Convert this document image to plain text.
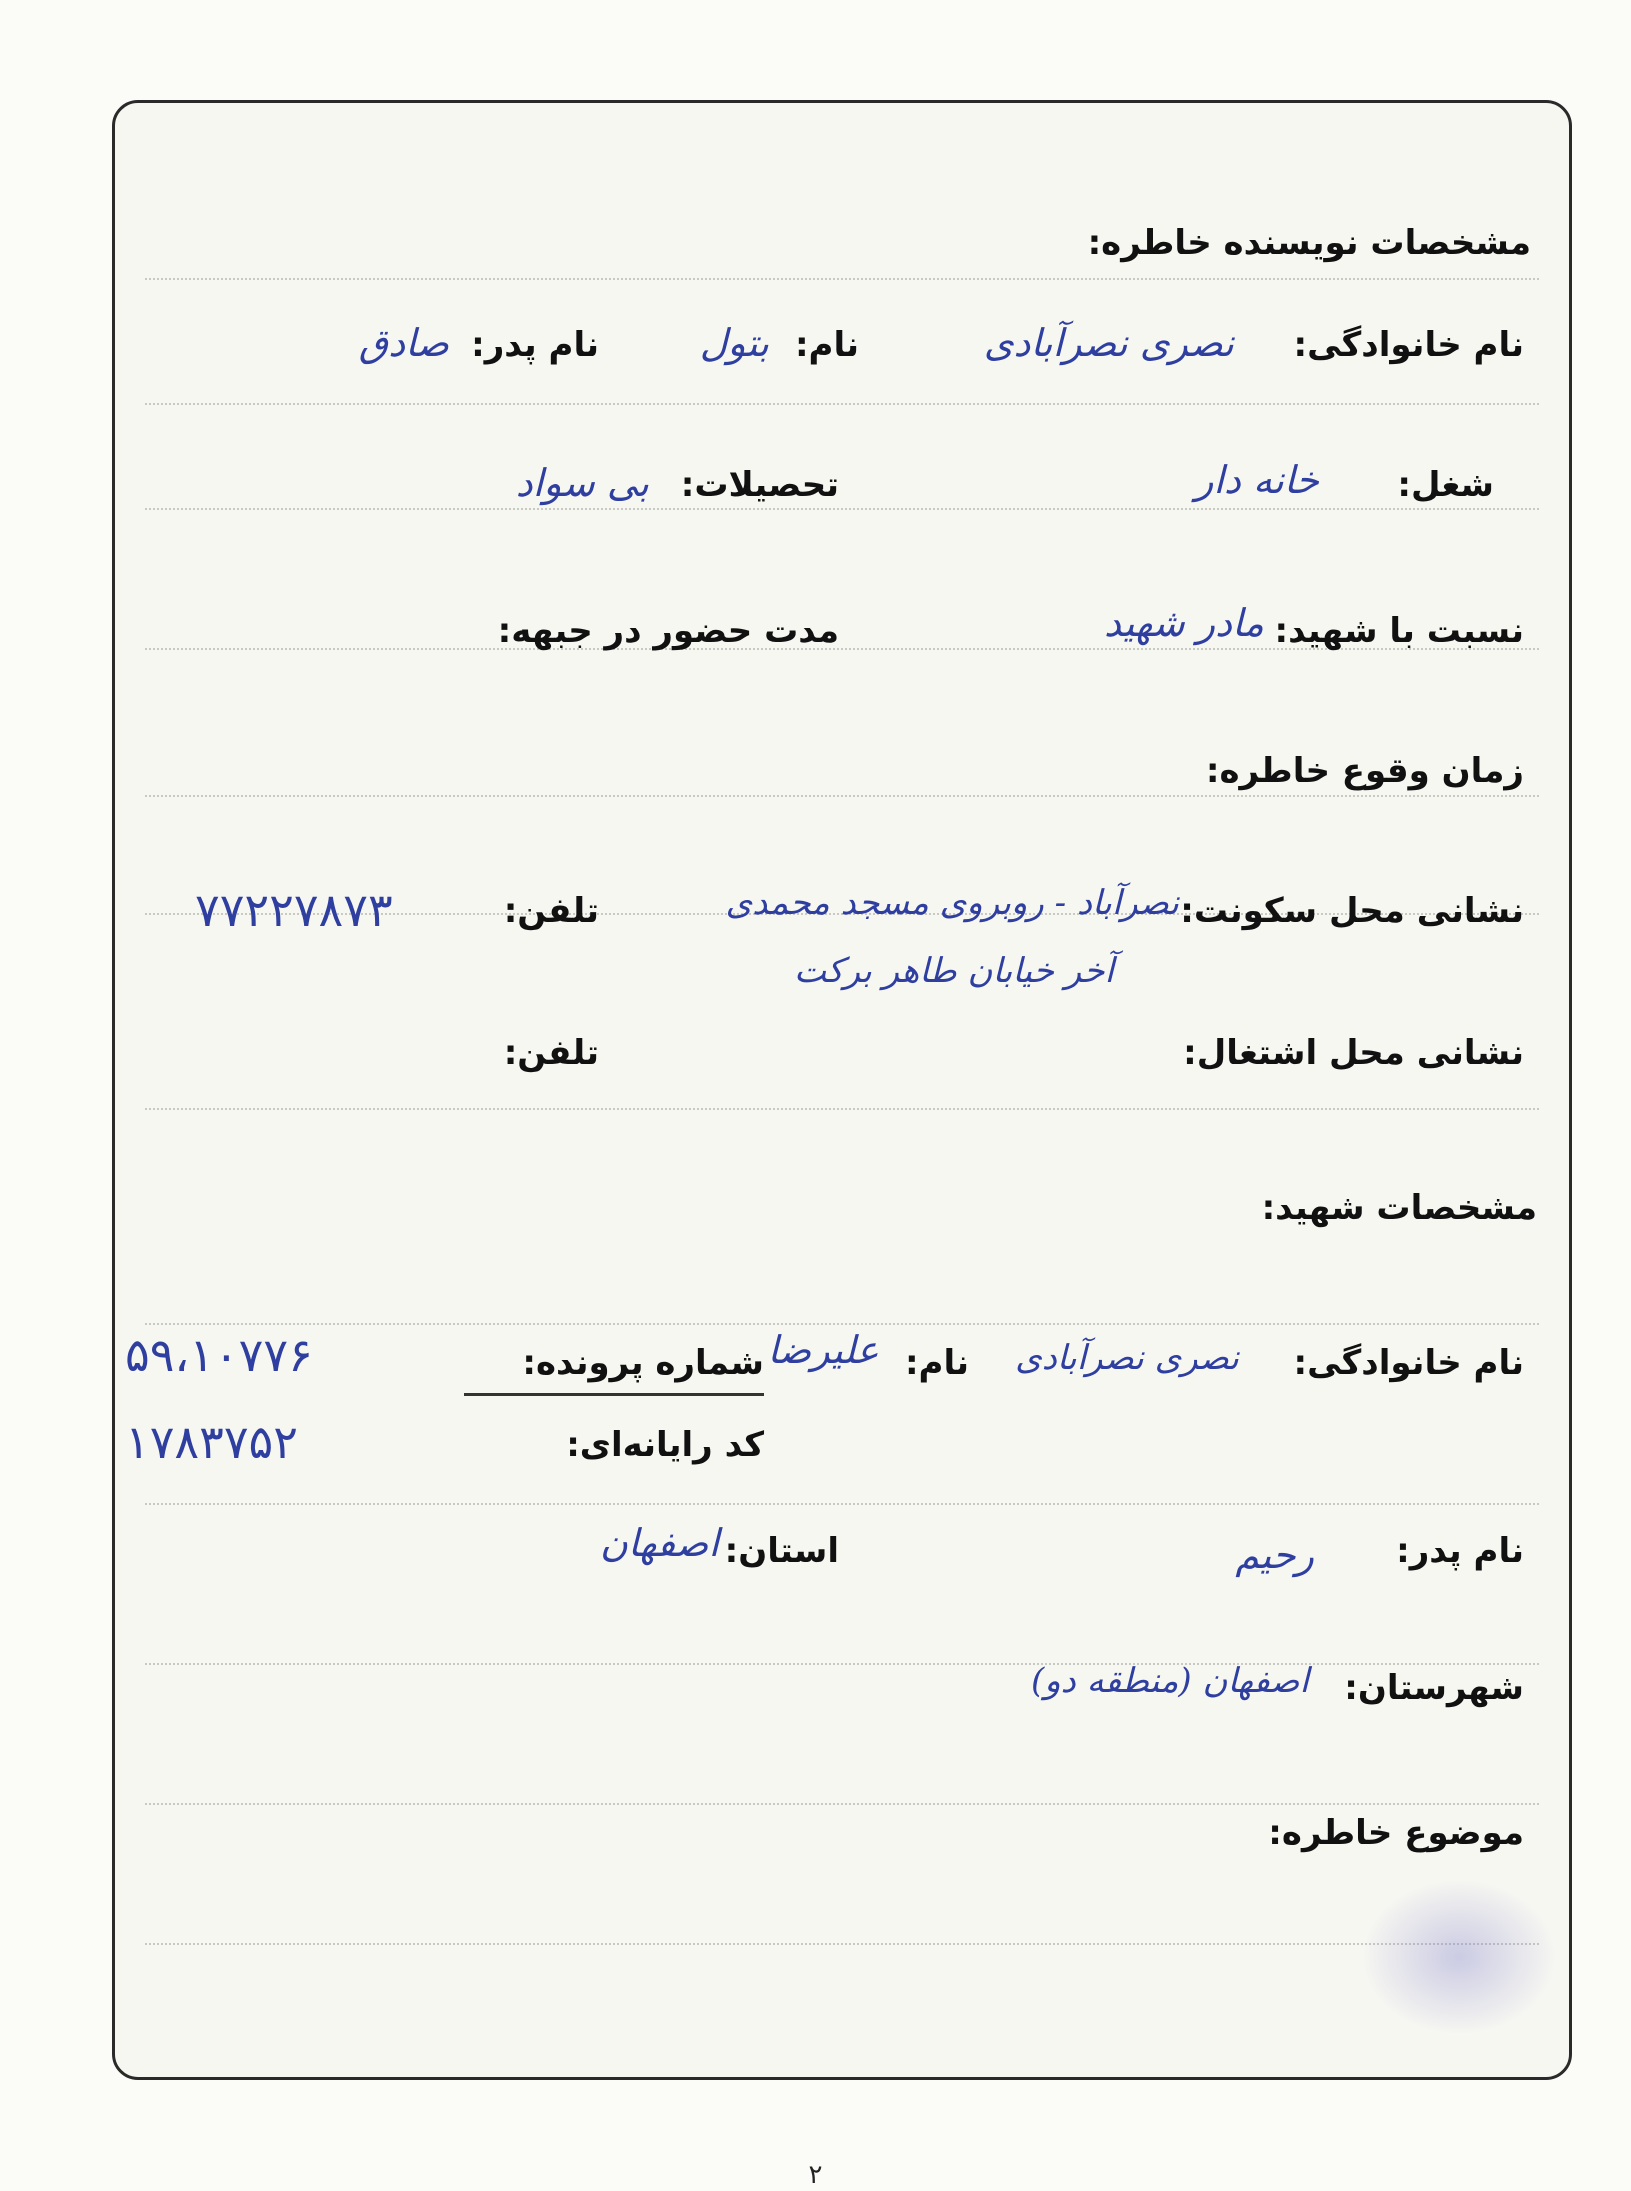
مشخصات نویسنده خاطره:
نام خانوادگی:
نصری نصرآبادی
نام:
بتول
نام پدر:
صادق
شغل:
خانه دار
تحصیلات:
بی سواد
نسبت با شهید:
مادر شهید
مدت حضور در جبهه:
زمان وقوع خاطره:
نشانی محل سکونت:
نصرآباد - روبروی مسجد محمدی
آخر خیابان طاهر برکت
تلفن:
۷۷۲۲۷۸۷۳
نشانی محل اشتغال:
تلفن:
مشخصات شهید:
نام خانوادگی:
نصری نصرآبادی
نام:
علیرضا
شماره پرونده:
۵۹،۱۰۷۷۶
کد رایانه‌ای:
۱۷۸۳۷۵۲
نام پدر:
رحیم
استان:
اصفهان
شهرستان:
اصفهان (منطقه دو)
موضوع خاطره:
۲
